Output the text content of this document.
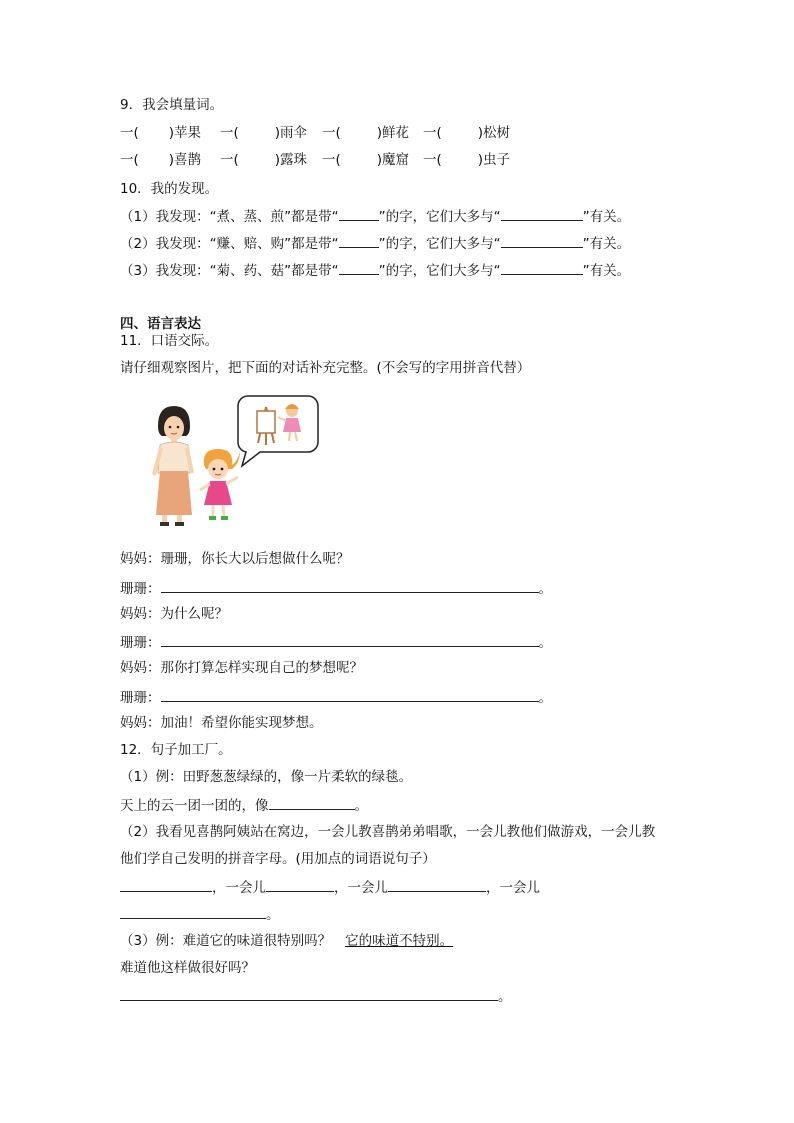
9．我会填量词。
一( )苹果 一(	)雨伞 一(	)鲜花 一(	)松树
一( )喜鹊 一(	)露珠 一(	)魔窟 一(	)虫子
10．我的发现。
（1）我发现：“煮、蒸、煎”都是带“	”的字，它们大多与“	”有关。
（2）我发现：“赚、赔、购”都是带“	”的字，它们大多与“	”有关。
（3）我发现：“菊、药、菇”都是带“	”的字，它们大多与“	”有关。
四、语言表达
11．口语交际。
请仔细观察图片，把下面的对话补充完整。(不会写的字用拼音代替）
妈妈：珊珊，你长大以后想做什么呢？
珊珊：	。
妈妈：为什么呢？
珊珊：	。
妈妈：那你打算怎样实现自己的梦想呢？
珊珊：	。
妈妈：加油！希望你能实现梦想。
12．句子加工厂。
（1）例：田野葱葱绿绿的，像一片柔软的绿毯。
天上的云一团一团的，像	。
（2）我看见喜鹊阿姨站在窝边，一会儿教喜鹊弟弟唱歌，一会儿教他们做游戏，一会儿教
他们学自己发明的拼音字母。(用加点的词语说句子）
，一会儿	，一会儿	，一会儿
。
（3）例：难道它的味道很特别吗？ 它的味道不特别。
难道他这样做很好吗？
。
